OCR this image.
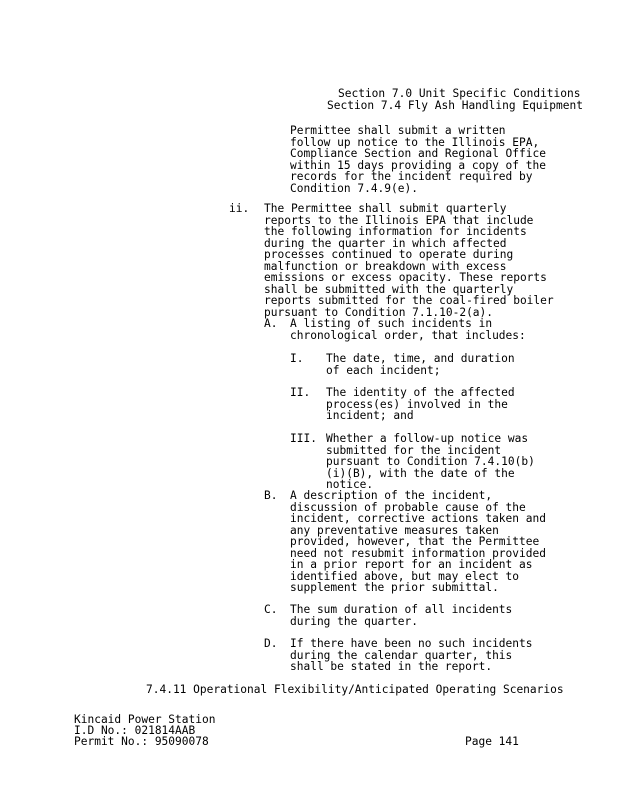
Section 7.0 Unit Specific Conditions
Section 7.4 Fly Ash Handling Equipment

Permittee shall submit a written follow up notice to the Illinois EPA, Compliance Section and Regional Office within 15 days providing a copy of the records for the incident required by Condition 7.4.9(e).

ii. The Permittee shall submit quarterly reports to the Illinois EPA that include the following information for incidents during the quarter in which affected processes continued to operate during malfunction or breakdown with excess emissions or excess opacity. These reports shall be submitted with the quarterly reports submitted for the coal-fired boiler pursuant to Condition 7.1.10-2(a).

A. A listing of such incidents in chronological order, that includes:

I. The date, time, and duration of each incident;

II. The identity of the affected process(es) involved in the incident; and

III. Whether a follow-up notice was submitted for the incident pursuant to Condition 7.4.10(b)(i)(B), with the date of the notice.

B. A description of the incident, discussion of probable cause of the incident, corrective actions taken and any preventative measures taken provided, however, that the Permittee need not resubmit information provided in a prior report for an incident as identified above, but may elect to supplement the prior submittal.

C. The sum duration of all incidents during the quarter.

D. If there have been no such incidents during the calendar quarter, this shall be stated in the report.

7.4.11 Operational Flexibility/Anticipated Operating Scenarios
Kincaid Power Station
I.D No.: 021814AAB
Permit No.: 95090078	Page 141
